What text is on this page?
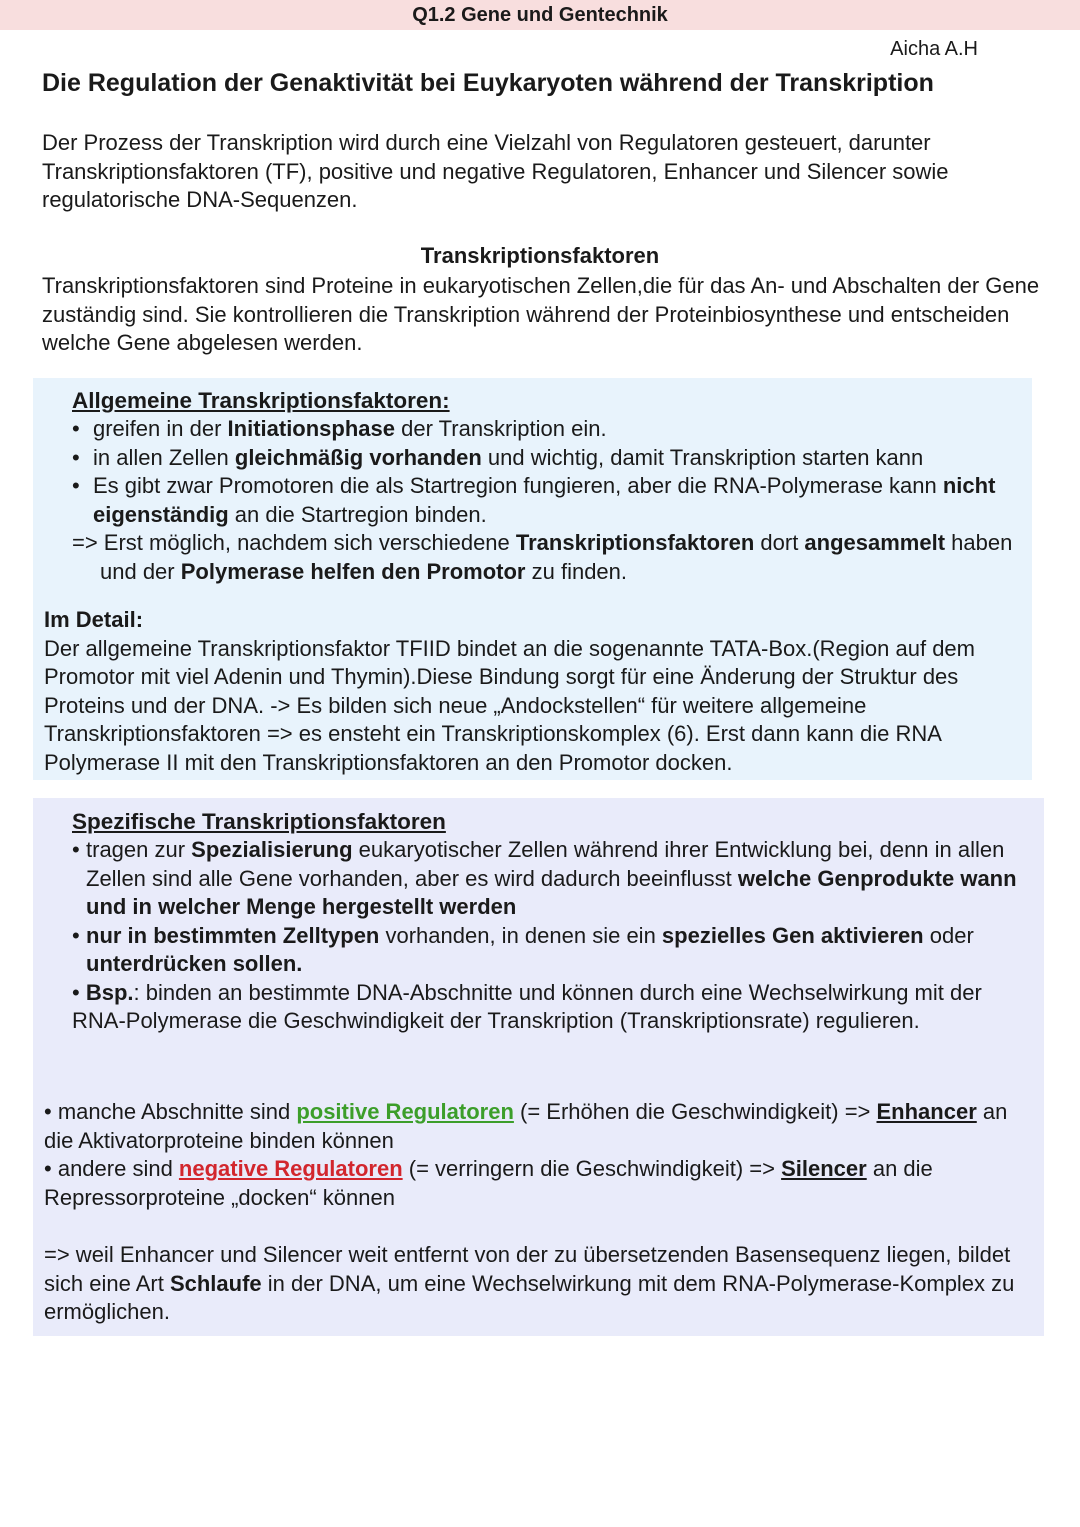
Q1.2 Gene und Gentechnik
Aicha A.H
Die Regulation der Genaktivität bei Euykaryoten während der Transkription

Der Prozess der Transkription wird durch eine Vielzahl von Regulatoren gesteuert, darunter Transkriptionsfaktoren (TF), positive und negative Regulatoren, Enhancer und Silencer sowie regulatorische DNA-Sequenzen.

Transkriptionsfaktoren

Transkriptionsfaktoren sind Proteine in eukaryotischen Zellen,die für das An- und Abschalten der Gene zuständig sind. Sie kontrollieren die Transkription während der Proteinbiosynthese und entscheiden welche Gene abgelesen werden.

Allgemeine Transkriptionsfaktoren:
• greifen in der Initiationsphase der Transkription ein.
• in allen Zellen gleichmäßig vorhanden und wichtig, damit Transkription starten kann
• Es gibt zwar Promotoren die als Startregion fungieren, aber die RNA-Polymerase kann nicht eigenständig an die Startregion binden.
=> Erst möglich, nachdem sich verschiedene Transkriptionsfaktoren dort angesammelt haben und der Polymerase helfen den Promotor zu finden.
Im Detail:

Der allgemeine Transkriptionsfaktor TFIID bindet an die sogenannte TATA-Box.(Region auf dem Promotor mit viel Adenin und Thymin).Diese Bindung sorgt für eine Änderung der Struktur des Proteins und der DNA. -> Es bilden sich neue „Andockstellen“ für weitere allgemeine Transkriptionsfaktoren => es ensteht ein Transkriptionskomplex (6). Erst dann kann die RNA Polymerase II mit den Transkriptionsfaktoren an den Promotor docken.

Spezifische Transkriptionsfaktoren
• tragen zur Spezialisierung eukaryotischer Zellen während ihrer Entwicklung bei, denn in allen Zellen sind alle Gene vorhanden, aber es wird dadurch beeinflusst welche Genprodukte wann und in welcher Menge hergestellt werden
• nur in bestimmten Zelltypen vorhanden, in denen sie ein spezielles Gen aktivieren oder unterdrücken sollen.
• Bsp.: binden an bestimmte DNA-Abschnitte und können durch eine Wechselwirkung mit der RNA-Polymerase die Geschwindigkeit der Transkription (Transkriptionsrate) regulieren.
• manche Abschnitte sind positive Regulatoren (= Erhöhen die Geschwindigkeit) => Enhancer an die Aktivatorproteine binden können
• andere sind negative Regulatoren (= verringern die Geschwindigkeit) => Silencer an die Repressorproteine „docken“ können

=> weil Enhancer und Silencer weit entfernt von der zu übersetzenden Basensequenz liegen, bildet sich eine Art Schlaufe in der DNA, um eine Wechselwirkung mit dem RNA-Polymerase-Komplex zu ermöglichen.
